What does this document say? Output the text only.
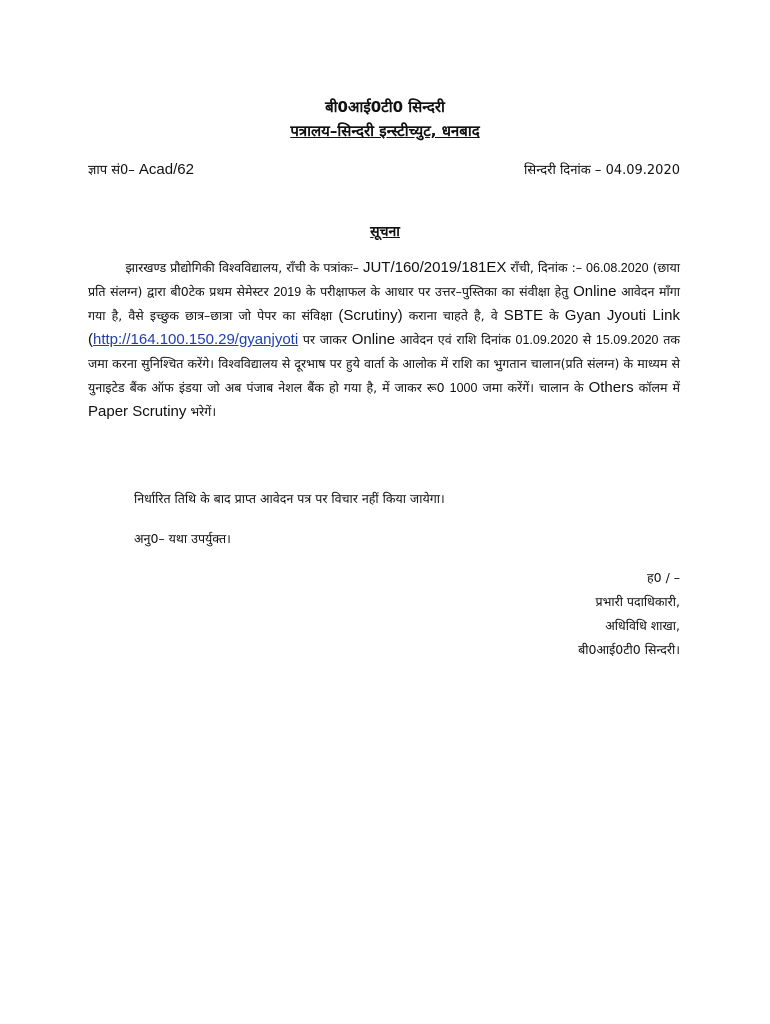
बी0आई0टी0 सिन्दरी
पत्रालय–सिन्दरी इन्स्टीच्युट, धनबाद
ज्ञाप सं0– Acad/62	सिन्दरी दिनांक – 04.09.2020
सूचना
   झारखण्ड प्रौद्योगिकी विश्वविद्यालय, राँची के पत्रांकः– JUT/160/2019/181EX राँची, दिनांक :– 06.08.2020 (छाया प्रति संलग्न) द्वारा बी0टेक प्रथम सेमेस्टर 2019 के परीक्षाफल के आधार पर उत्तर–पुस्तिका का संवीक्षा हेतु Online आवेदन माँगा गया है, वैसे इच्छुक छात्र–छात्रा जो पेपर का संविक्षा (Scrutiny) कराना चाहते है, वे SBTE के Gyan Jyouti Link (http://164.100.150.29/gyanjyoti पर जाकर Online आवेदन एवं राशि दिनांक 01.09.2020 से 15.09.2020 तक जमा करना सुनिश्चित करेंगे। विश्वविद्यालय से दूरभाष पर हुये वार्ता के आलोक में राशि का भुगतान चालान(प्रति संलग्न) के माध्यम से युनाइटेड बैंक ऑफ इंडया जो अब पंजाब नेशल बैंक हो गया है, में जाकर रू0 1000 जमा करेंगें। चालान के Others कॉलम में Paper Scrutiny भरेगें।
निर्धारित तिथि के बाद प्राप्त आवेदन पत्र पर विचार नहीं किया जायेगा।
अनु0– यथा उपर्युक्त।
ह0 / –
प्रभारी पदाधिकारी,
अधिविधि शाखा,
बी0आई0टी0 सिन्दरी।
